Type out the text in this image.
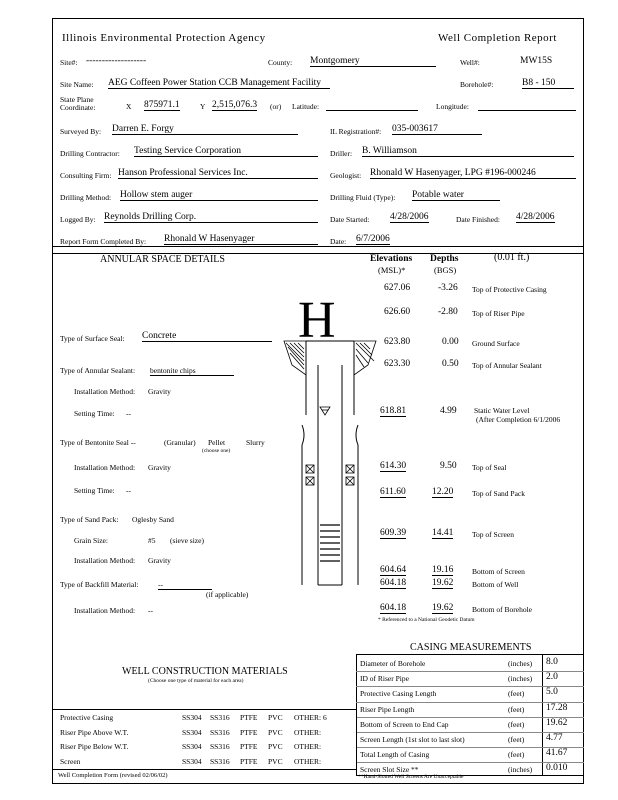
Illinois Environmental Protection Agency	Well Completion Report
Site#: -------------------	County: Montgomery	Well#:	MW15S
Site Name: AEG Coffeen Power Station CCB Management Facility	Borehole#:	B8 - 150
State Plane Coordinate:	X 875971.1	Y 2,515,076.3 (or) Latitude:	Longitude:
Surveyed By: Darren E. Forgy	IL Registration#: 035-003617
Drilling Contractor: Testing Service Corporation	Driller: B. Williamson
Consulting Firm: Hanson Professional Services Inc.	Geologist: Rhonald W Hasenyager, LPG #196-000246
Drilling Method: Hollow stem auger	Drilling Fluid (Type): Potable water
Logged By: Reynolds Drilling Corp.	Date Started: 4/28/2006	Date Finished: 4/28/2006
Report Form Completed By: Rhonald W Hasenyager	Date: 6/7/2006
ANNULAR SPACE DETAILS	Elevations
(MSL)*
Depths
(BGS)
(0.01 ft.)
627.06	-3.26 Top of Protective Casing
626.60	-2.80 Top of Riser Pipe
623.80	0.00 Ground Surface
623.30	0.50 Top of Annular Sealant
618.81	4.99 Static Water Level
(After Completion 6/1/2006
614.30	9.50 Top of Seal
611.60	12.20 Top of Sand Pack
609.39	14.41 Top of Screen
604.64	19.16 Bottom of Screen
604.18	19.62 Bottom of Well
604.18	19.62 Bottom of Borehole
* Referenced to a National Geodetic Datum
H
Type of Surface Seal: Concrete
Type of Annular Sealant: bentonite chips
Installation Method: Gravity
Setting Time: --
Type of Bentonite Seal --	(Granular) Pellet	Slurry
(choose one)
Installation Method: Gravity
Setting Time: --
Type of Sand Pack: Oglesby Sand
Grain Size:	#5 (sieve size)
Installation Method: Gravity
Type of Backfill Material:	--
(if applicable)
Installation Method: --
CASING MEASUREMENTS
Diameter of Borehole	(inches) 8.0
ID of Riser Pipe	(inches) 2.0
Protective Casing Length	(feet) 5.0
Riser Pipe Length	(feet) 17.28
Bottom of Screen to End Cap	(feet) 19.62
Screen Length (1st slot to last slot)	(feet) 4.77
Total Length of Casing	(feet) 41.67
Screen Slot Size **	(inches) 0.010
**Hand-Slotted Well Screens Are Unacceptable
WELL CONSTRUCTION MATERIALS
(Choose one type of material for each area)
Protective Casing	SS304 SS316 PTFE PVC OTHER: 6
Riser Pipe Above W.T.	SS304 SS316 PTFE PVC OTHER:
Riser Pipe Below W.T.	SS304 SS316 PTFE PVC OTHER:
Screen	SS304 SS316 PTFE PVC OTHER:
Well Completion Form (revised 02/06/02)
